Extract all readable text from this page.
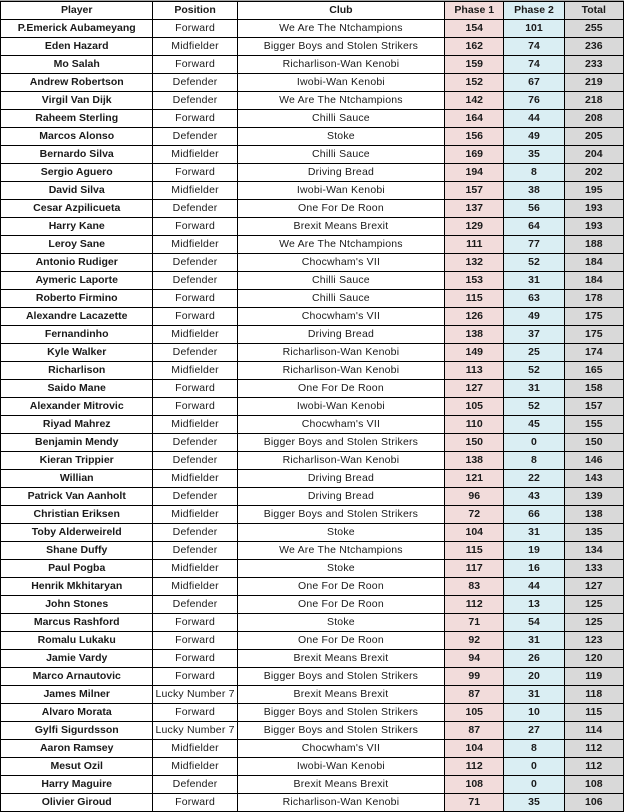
Player	Position	Club	Phase 1	Phase 2	Total
P.Emerick Aubameyang	Forward	We Are The Ntchampions	154	101	255
Eden Hazard	Midfielder	Bigger Boys and Stolen Strikers	162	74	236
Mo Salah	Forward	Richarlison-Wan Kenobi	159	74	233
Andrew Robertson	Defender	Iwobi-Wan Kenobi	152	67	219
Virgil Van Dijk	Defender	We Are The Ntchampions	142	76	218
Raheem Sterling	Forward	Chilli Sauce	164	44	208
Marcos Alonso	Defender	Stoke	156	49	205
Bernardo Silva	Midfielder	Chilli Sauce	169	35	204
Sergio Aguero	Forward	Driving Bread	194	8	202
David Silva	Midfielder	Iwobi-Wan Kenobi	157	38	195
Cesar Azpilicueta	Defender	One For De Roon	137	56	193
Harry Kane	Forward	Brexit Means Brexit	129	64	193
Leroy Sane	Midfielder	We Are The Ntchampions	111	77	188
Antonio Rudiger	Defender	Chocwham's VII	132	52	184
Aymeric Laporte	Defender	Chilli Sauce	153	31	184
Roberto Firmino	Forward	Chilli Sauce	115	63	178
Alexandre Lacazette	Forward	Chocwham's VII	126	49	175
Fernandinho	Midfielder	Driving Bread	138	37	175
Kyle Walker	Defender	Richarlison-Wan Kenobi	149	25	174
Richarlison	Midfielder	Richarlison-Wan Kenobi	113	52	165
Saido Mane	Forward	One For De Roon	127	31	158
Alexander Mitrovic	Forward	Iwobi-Wan Kenobi	105	52	157
Riyad Mahrez	Midfielder	Chocwham's VII	110	45	155
Benjamin Mendy	Defender	Bigger Boys and Stolen Strikers	150	0	150
Kieran Trippier	Defender	Richarlison-Wan Kenobi	138	8	146
Willian	Midfielder	Driving Bread	121	22	143
Patrick Van Aanholt	Defender	Driving Bread	96	43	139
Christian Eriksen	Midfielder	Bigger Boys and Stolen Strikers	72	66	138
Toby Alderweireld	Defender	Stoke	104	31	135
Shane Duffy	Defender	We Are The Ntchampions	115	19	134
Paul Pogba	Midfielder	Stoke	117	16	133
Henrik Mkhitaryan	Midfielder	One For De Roon	83	44	127
John Stones	Defender	One For De Roon	112	13	125
Marcus Rashford	Forward	Stoke	71	54	125
Romalu Lukaku	Forward	One For De Roon	92	31	123
Jamie Vardy	Forward	Brexit Means Brexit	94	26	120
Marco Arnautovic	Forward	Bigger Boys and Stolen Strikers	99	20	119
James Milner	Lucky Number 7	Brexit Means Brexit	87	31	118
Alvaro Morata	Forward	Bigger Boys and Stolen Strikers	105	10	115
Gylfi Sigurdsson	Lucky Number 7	Bigger Boys and Stolen Strikers	87	27	114
Aaron Ramsey	Midfielder	Chocwham's VII	104	8	112
Mesut Ozil	Midfielder	Iwobi-Wan Kenobi	112	0	112
Harry Maguire	Defender	Brexit Means Brexit	108	0	108
Olivier Giroud	Forward	Richarlison-Wan Kenobi	71	35	106
